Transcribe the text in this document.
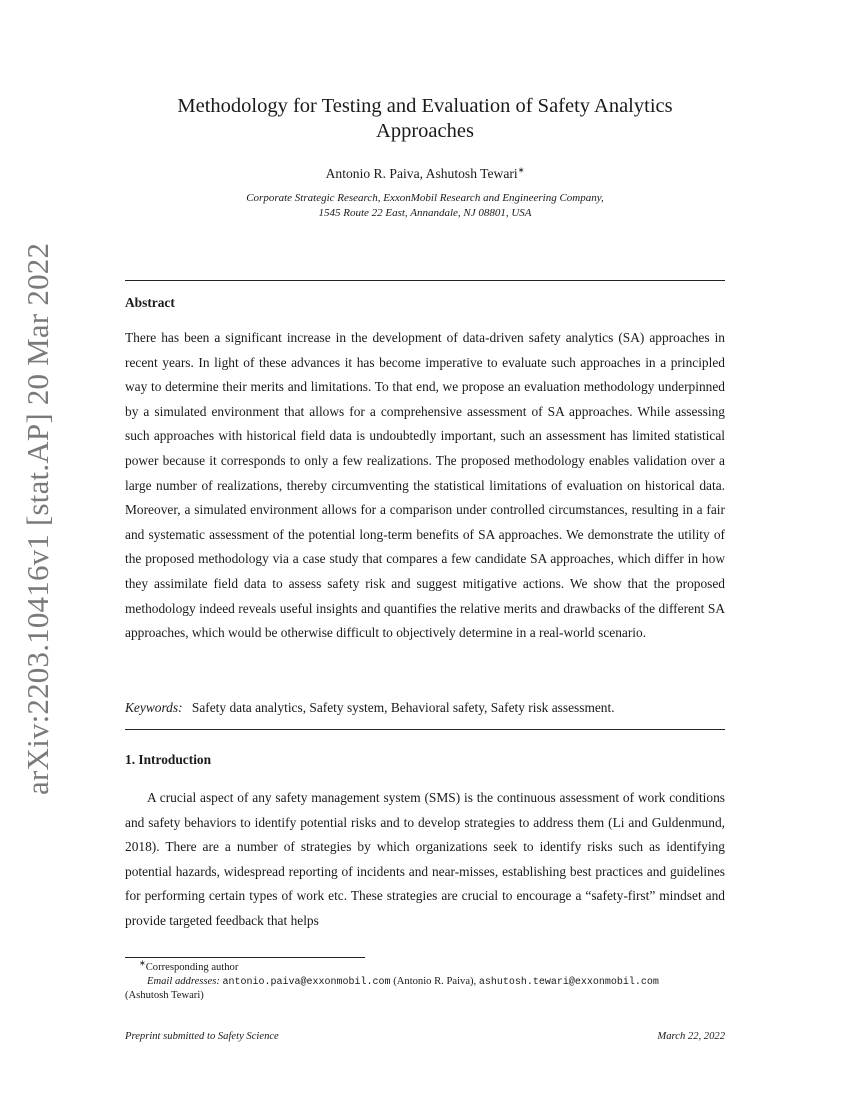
arXiv:2203.10416v1 [stat.AP] 20 Mar 2022
Methodology for Testing and Evaluation of Safety Analytics
Approaches
Antonio R. Paiva, Ashutosh Tewari∗
Corporate Strategic Research, ExxonMobil Research and Engineering Company,
1545 Route 22 East, Annandale, NJ 08801, USA
Abstract

There has been a significant increase in the development of data-driven safety analytics (SA) approaches in recent years. In light of these advances it has become imperative to evaluate such approaches in a principled way to determine their merits and limitations. To that end, we propose an evaluation methodology underpinned by a simulated environment that allows for a comprehensive assessment of SA approaches. While assessing such approaches with historical field data is undoubtedly important, such an assessment has limited statistical power because it corresponds to only a few realizations. The proposed methodology enables validation over a large number of realizations, thereby circumventing the statistical limitations of evaluation on historical data. Moreover, a simulated environment allows for a comparison under controlled circumstances, resulting in a fair and systematic assessment of the potential long-term benefits of SA approaches. We demonstrate the utility of the proposed methodology via a case study that compares a few candidate SA approaches, which differ in how they assimilate field data to assess safety risk and suggest mitigative actions. We show that the proposed methodology indeed reveals useful insights and quantifies the relative merits and drawbacks of the different SA approaches, which would be otherwise difficult to objectively determine in a real-world scenario.

Keywords: Safety data analytics, Safety system, Behavioral safety, Safety risk assessment.
1. Introduction

A crucial aspect of any safety management system (SMS) is the continuous assessment of work conditions and safety behaviors to identify potential risks and to develop strategies to address them (Li and Guldenmund, 2018). There are a number of strategies by which organizations seek to identify risks such as identifying potential hazards, widespread reporting of incidents and near-misses, establishing best practices and guidelines for performing certain types of work etc. These strategies are crucial to encourage a “safety-first” mindset and provide targeted feedback that helps

∗Corresponding author
Email addresses: antonio.paiva@exxonmobil.com (Antonio R. Paiva), ashutosh.tewari@exxonmobil.com
(Ashutosh Tewari)
Preprint submitted to Safety Science	March 22, 2022
